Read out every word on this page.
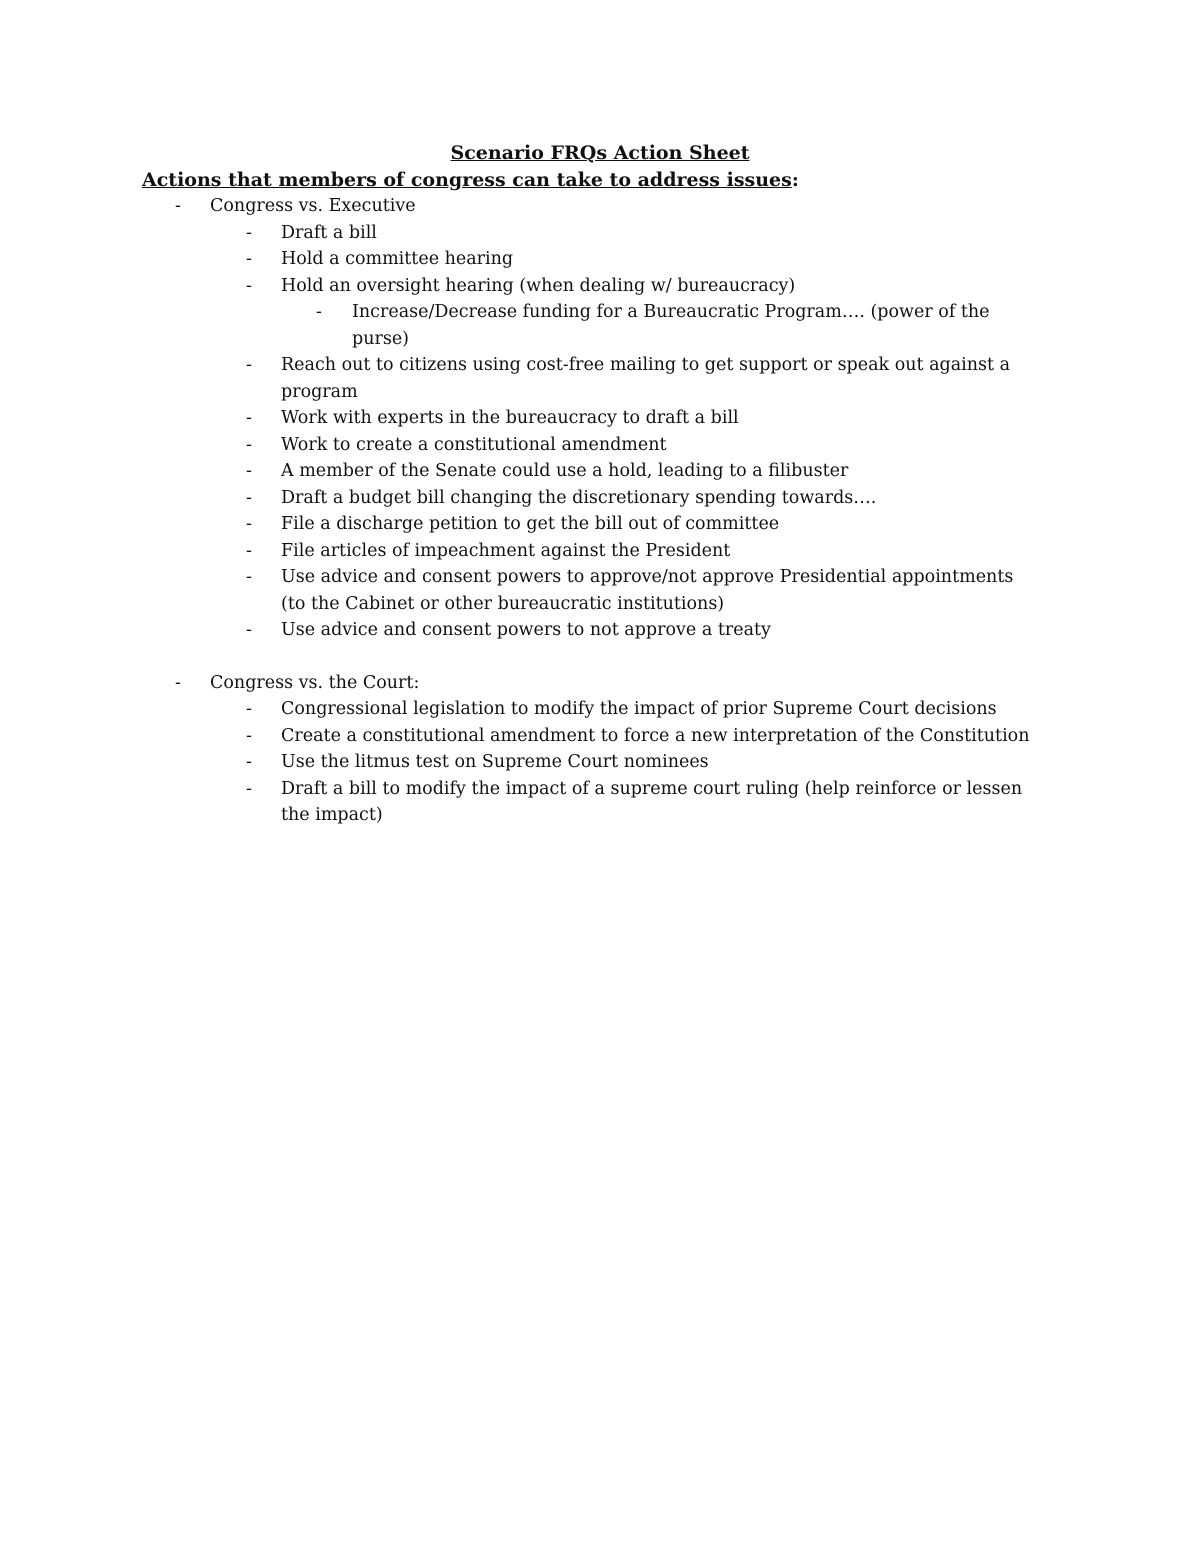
Scenario FRQs Action Sheet
Actions that members of congress can take to address issues:
- Congress vs. Executive
- Draft a bill
- Hold a committee hearing
- Hold an oversight hearing (when dealing w/ bureaucracy)
- Increase/Decrease funding for a Bureaucratic Program…. (power of the purse)
- Reach out to citizens using cost-free mailing to get support or speak out against a program
- Work with experts in the bureaucracy to draft a bill
- Work to create a constitutional amendment
- A member of the Senate could use a hold, leading to a filibuster
- Draft a budget bill changing the discretionary spending towards….
- File a discharge petition to get the bill out of committee
- File articles of impeachment against the President
- Use advice and consent powers to approve/not approve Presidential appointments (to the Cabinet or other bureaucratic institutions)
- Use advice and consent powers to not approve a treaty
- Congress vs. the Court:
- Congressional legislation to modify the impact of prior Supreme Court decisions
- Create a constitutional amendment to force a new interpretation of the Constitution
- Use the litmus test on Supreme Court nominees
- Draft a bill to modify the impact of a supreme court ruling (help reinforce or lessen the impact)
